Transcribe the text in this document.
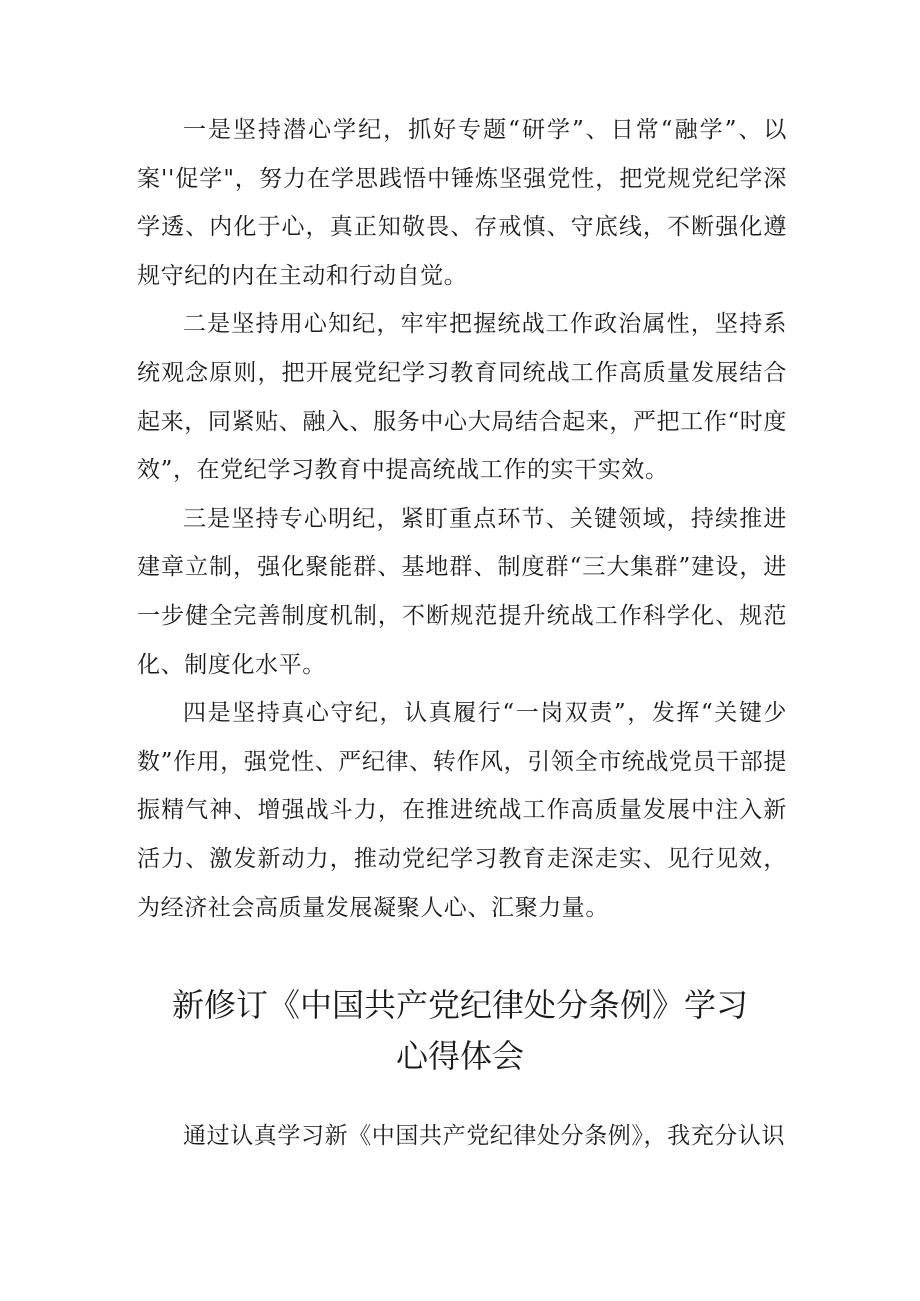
一是坚持潜心学纪，抓好专题“研学”、日常“融学”、以案''促学"，努力在学思践悟中锤炼坚强党性，把党规党纪学深学透、内化于心，真正知敬畏、存戒慎、守底线，不断强化遵规守纪的内在主动和行动自觉。

二是坚持用心知纪，牢牢把握统战工作政治属性，坚持系统观念原则，把开展党纪学习教育同统战工作高质量发展结合起来，同紧贴、融入、服务中心大局结合起来，严把工作“时度效”，在党纪学习教育中提高统战工作的实干实效。

三是坚持专心明纪，紧盯重点环节、关键领域，持续推进建章立制，强化聚能群、基地群、制度群“三大集群”建设，进一步健全完善制度机制，不断规范提升统战工作科学化、规范化、制度化水平。

四是坚持真心守纪，认真履行“一岗双责”，发挥“关键少数”作用，强党性、严纪律、转作风，引领全市统战党员干部提振精气神、增强战斗力，在推进统战工作高质量发展中注入新活力、激发新动力，推动党纪学习教育走深走实、见行见效，为经济社会高质量发展凝聚人心、汇聚力量。

新修订《中国共产党纪律处分条例》学习
心得体会

通过认真学习新《中国共产党纪律处分条例》，我充分认识
